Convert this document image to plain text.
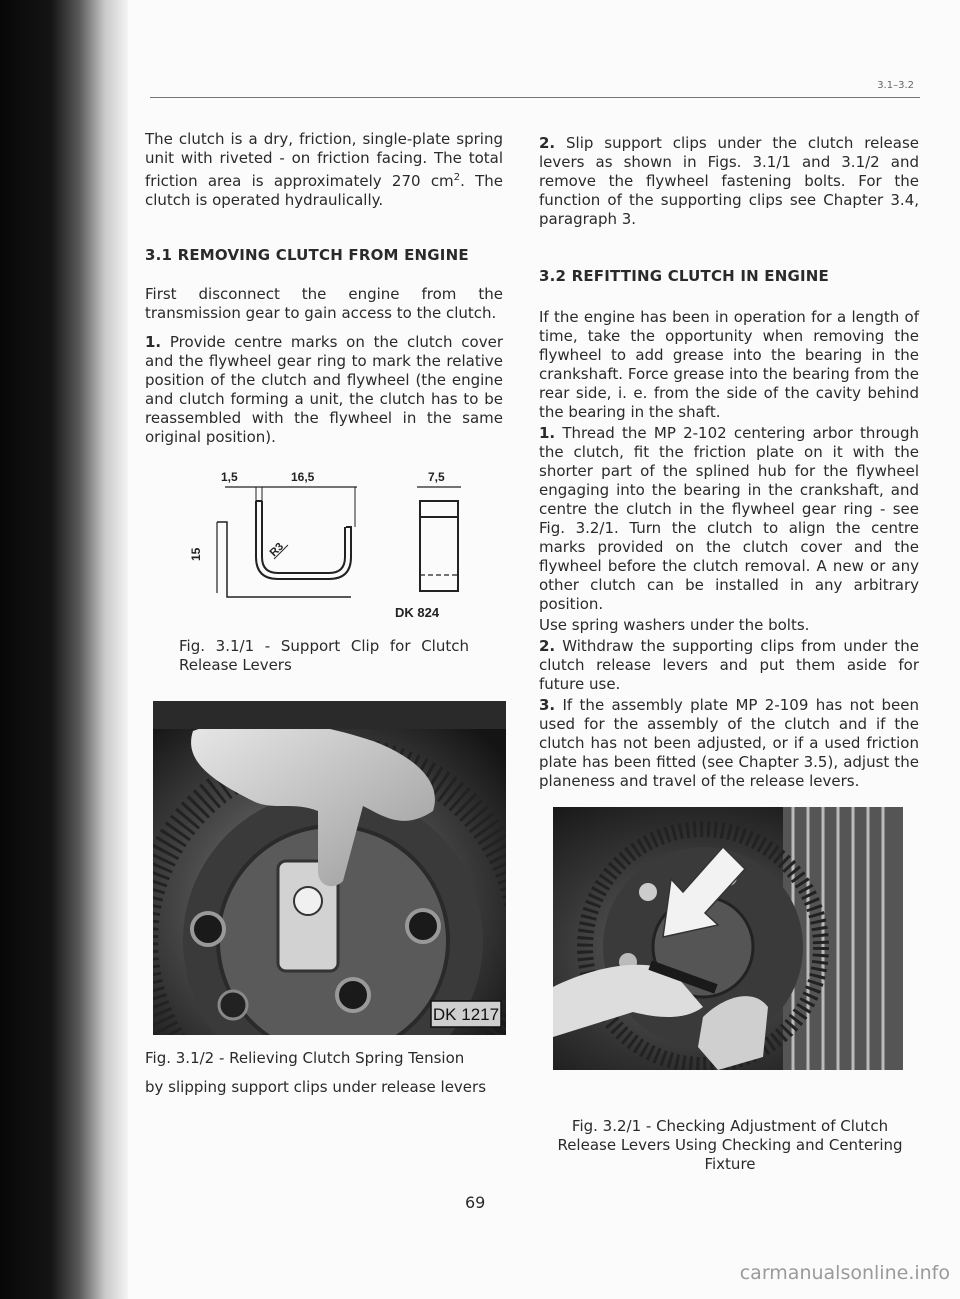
3.1–3.2

The clutch is a dry, friction, single-plate spring unit with riveted - on friction facing. The total friction area is approximately 270 $cm^2$. The clutch is operated hydraulically.

3.1 REMOVING CLUTCH FROM ENGINE

First disconnect the engine from the transmission gear to gain access to the clutch.

1. Provide centre marks on the clutch cover and the flywheel gear ring to mark the relative position of the clutch and flywheel (the engine and clutch forming a unit, the clutch has to be reassembled with the flywheel in the same original position).

1,5	16,5	7,5
15	R3
DK 824

Fig. 3.1/1 - Support Clip for Clutch Release Levers

DK 1217

Fig. 3.1/2 - Relieving Clutch Spring Tension

by slipping support clips under release levers

2. Slip support clips under the clutch release levers as shown in Figs. 3.1/1 and 3.1/2 and remove the flywheel fastening bolts. For the function of the supporting clips see Chapter 3.4, paragraph 3.

3.2 REFITTING CLUTCH IN ENGINE

If the engine has been in operation for a length of time, take the opportunity when removing the flywheel to add grease into the bearing in the crankshaft. Force grease into the bearing from the rear side, i. e. from the side of the cavity behind the bearing in the shaft.

1. Thread the MP 2-102 centering arbor through the clutch, fit the friction plate on it with the shorter part of the splined hub for the flywheel engaging into the bearing in the crankshaft, and centre the clutch in the flywheel gear ring - see Fig. 3.2/1. Turn the clutch to align the centre marks provided on the clutch cover and the flywheel before the clutch removal. A new or any other clutch can be installed in any arbitrary position.

Use spring washers under the bolts.

2. Withdraw the supporting clips from under the clutch release levers and put them aside for future use.

3. If the assembly plate MP 2-109 has not been used for the assembly of the clutch and if the clutch has not been adjusted, or if a used friction plate has been fitted (see Chapter 3.5), adjust the planeness and travel of the release levers.

Fig. 3.2/1 - Checking Adjustment of Clutch

Release Levers Using Checking and Centering

Fixture

69
carmanualsonline.info
